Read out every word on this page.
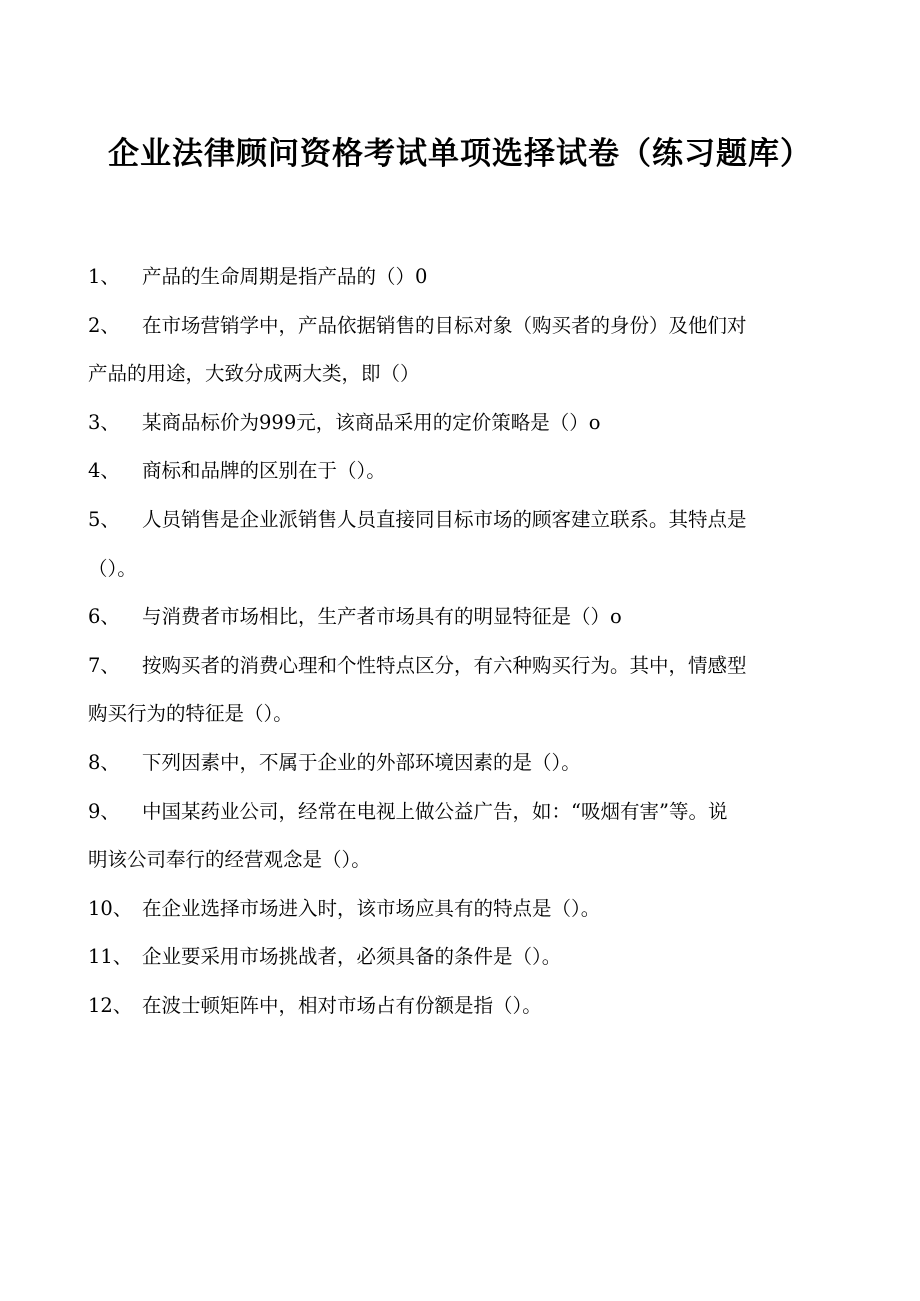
企业法律顾问资格考试单项选择试卷（练习题库）
1、	产品的生命周期是指产品的（）0
2、	在市场营销学中，产品依据销售的目标对象（购买者的身份）及他们对
产品的用途，大致分成两大类，即（）
3、	某商品标价为999元，该商品采用的定价策略是（）o
4、	商标和品牌的区别在于（）。
5、	人员销售是企业派销售人员直接同目标市场的顾客建立联系。其特点是
（）。
6、	与消费者市场相比，生产者市场具有的明显特征是（）o
7、	按购买者的消费心理和个性特点区分，有六种购买行为。其中，情感型
购买行为的特征是（）。
8、	下列因素中，不属于企业的外部环境因素的是（）。
9、	中国某药业公司，经常在电视上做公益广告，如：“吸烟有害”等。说
明该公司奉行的经营观念是（）。
10、 在企业选择市场进入时，该市场应具有的特点是（）。
11、 企业要采用市场挑战者，必须具备的条件是（）。
12、 在波士顿矩阵中，相对市场占有份额是指（）。
